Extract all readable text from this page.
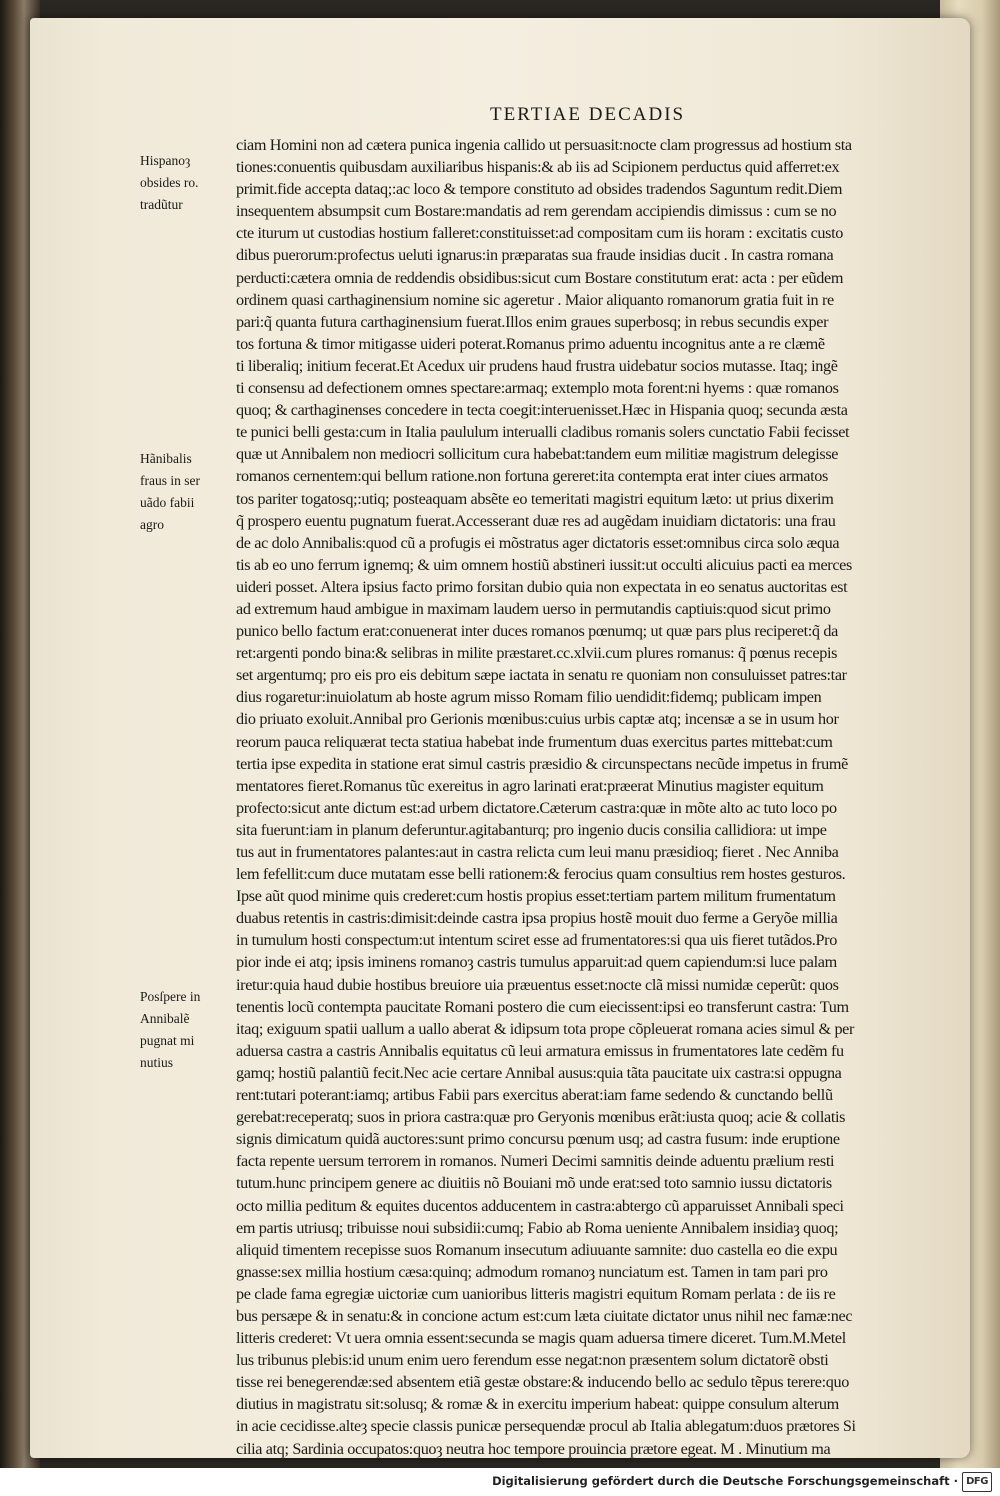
TERTIAE DECADIS
Hispanoȝ
obsides ro.
tradũtur
Hãnibalis
fraus in ser
uãdo fabii
agro
Posſpere in
Annibalẽ
pugnat mi
nutius
ciam Homini non ad cætera punica ingenia callido ut persuasit:nocte clam progressus ad hostium sta
tiones:conuentis quibusdam auxiliaribus hispanis:& ab iis ad Scipionem perductus quid afferret:ex
primit.fide accepta dataq;:ac loco & tempore constituto ad obsides tradendos Saguntum redit.Diem
insequentem absumpsit cum Bostare:mandatis ad rem gerendam accipiendis dimissus : cum se no
cte iturum ut custodias hostium falleret:constituisset:ad compositam cum iis horam : excitatis custo
dibus puerorum:profectus ueluti ignarus:in præparatas sua fraude insidias ducit . In castra romana
perducti:cætera omnia de reddendis obsidibus:sicut cum Bostare constitutum erat: acta : per eũdem
ordinem quasi carthaginensium nomine sic ageretur . Maior aliquanto romanorum gratia fuit in re
pari:q̃ quanta futura carthaginensium fuerat.Illos enim graues superbosq; in rebus secundis exper
tos fortuna & timor mitigasse uideri poterat.Romanus primo aduentu incognitus ante a re clæmẽ
ti liberaliq; initium fecerat.Et Acedux uir prudens haud frustra uidebatur socios mutasse. Itaq; ingẽ
ti consensu ad defectionem omnes spectare:armaq; extemplo mota forent:ni hyems : quæ romanos
quoq; & carthaginenses concedere in tecta coegit:interuenisset.Hæc in Hispania quoq; secunda æsta
te punici belli gesta:cum in Italia paululum interualli cladibus romanis solers cunctatio Fabii fecisset
quæ ut Annibalem non mediocri sollicitum cura habebat:tandem eum militiæ magistrum delegisse
romanos cernentem:qui bellum ratione.non fortuna gereret:ita contempta erat inter ciues armatos
tos pariter togatosq;:utiq; posteaquam absẽte eo temeritati magistri equitum læto: ut prius dixerim
q̃ prospero euentu pugnatum fuerat.Accesserant duæ res ad augẽdam inuidiam dictatoris: una frau
de ac dolo Annibalis:quod cũ a profugis ei mõstratus ager dictatoris esset:omnibus circa solo æqua
tis ab eo uno ferrum ignemq; & uim omnem hostiũ abstineri iussit:ut occulti alicuius pacti ea merces
uideri posset. Altera ipsius facto primo forsitan dubio quia non expectata in eo senatus auctoritas est
ad extremum haud ambigue in maximam laudem uerso in permutandis captiuis:quod sicut primo
punico bello factum erat:conuenerat inter duces romanos pœnumq; ut quæ pars plus reciperet:q̃ da
ret:argenti pondo bina:& selibras in milite præstaret.cc.xlvii.cum plures romanus: q̃ pœnus recepis
set argentumq; pro eis pro eis debitum sæpe iactata in senatu re quoniam non consuluisset patres:tar
dius rogaretur:inuiolatum ab hoste agrum misso Romam filio uendidit:fidemq; publicam impen
dio priuato exoluit.Annibal pro Gerionis mœnibus:cuius urbis captæ atq; incensæ a se in usum hor
reorum pauca reliquærat tecta statiua habebat inde frumentum duas exercitus partes mittebat:cum
tertia ipse expedita in statione erat simul castris præsidio & circunspectans necũde impetus in frumẽ
mentatores fieret.Romanus tũc exereitus in agro larinati erat:præerat Minutius magister equitum
profecto:sicut ante dictum est:ad urbem dictatore.Cæterum castra:quæ in mõte alto ac tuto loco po
sita fuerunt:iam in planum deferuntur.agitabanturq; pro ingenio ducis consilia callidiora: ut impe
tus aut in frumentatores palantes:aut in castra relicta cum leui manu præsidioq; fieret . Nec Anniba
lem fefellit:cum duce mutatam esse belli rationem:& ferocius quam consultius rem hostes gesturos.
Ipse aũt quod minime quis crederet:cum hostis propius esset:tertiam partem militum frumentatum
duabus retentis in castris:dimisit:deinde castra ipsa propius hostẽ mouit duo ferme a Geryõe millia
in tumulum hosti conspectum:ut intentum sciret esse ad frumentatores:si qua uis fieret tutãdos.Pro
pior inde ei atq; ipsis iminens romanoȝ castris tumulus apparuit:ad quem capiendum:si luce palam
iretur:quia haud dubie hostibus breuiore uia præuentus esset:nocte clã missi numidæ ceperũt: quos
tenentis locũ contempta paucitate Romani postero die cum eiecissent:ipsi eo transferunt castra: Tum
itaq; exiguum spatii uallum a uallo aberat & idipsum tota prope cõpleuerat romana acies simul & per
aduersa castra a castris Annibalis equitatus cũ leui armatura emissus in frumentatores late cedẽm fu
gamq; hostiũ palantiũ fecit.Nec acie certare Annibal ausus:quia tãta paucitate uix castra:si oppugna
rent:tutari poterant:iamq; artibus Fabii pars exercitus aberat:iam fame sedendo & cunctando bellũ
gerebat:receperatq; suos in priora castra:quæ pro Geryonis mœnibus erãt:iusta quoq; acie & collatis
signis dimicatum quidã auctores:sunt primo concursu pœnum usq; ad castra fusum: inde eruptione
facta repente uersum terrorem in romanos. Numeri Decimi samnitis deinde aduentu prælium resti
tutum.hunc principem genere ac diuitiis nõ Bouiani mõ unde erat:sed toto samnio iussu dictatoris
octo millia peditum & equites ducentos adducentem in castra:abtergo cũ apparuisset Annibali speci
em partis utriusq; tribuisse noui subsidii:cumq; Fabio ab Roma ueniente Annibalem insidiaȝ quoq;
aliquid timentem recepisse suos Romanum insecutum adiuuante samnite: duo castella eo die expu
gnasse:sex millia hostium cæsa:quinq; admodum romanoȝ nunciatum est. Tamen in tam pari pro
pe clade fama egregiæ uictoriæ cum uanioribus litteris magistri equitum Romam perlata : de iis re
bus persæpe & in senatu:& in concione actum est:cum læta ciuitate dictator unus nihil nec famæ:nec
litteris crederet: Vt uera omnia essent:secunda se magis quam aduersa timere diceret. Tum.M.Metel
lus tribunus plebis:id unum enim uero ferendum esse negat:non præsentem solum dictatorẽ obsti
tisse rei benegerendæ:sed absentem etiã gestæ obstare:& inducendo bello ac sedulo tẽpus terere:quo
diutius in magistratu sit:solusq; & romæ & in exercitu imperium habeat: quippe consulum alterum
in acie cecidisse.alteȝ specie classis punicæ persequendæ procul ab Italia ablegatum:duos prætores Si
cilia atq; Sardinia occupatos:quoȝ neutra hoc tempore prouincia prætore egeat. M . Minutium ma
Digitalisierung gefördert durch die Deutsche Forschungsgemeinschaft · DFG
